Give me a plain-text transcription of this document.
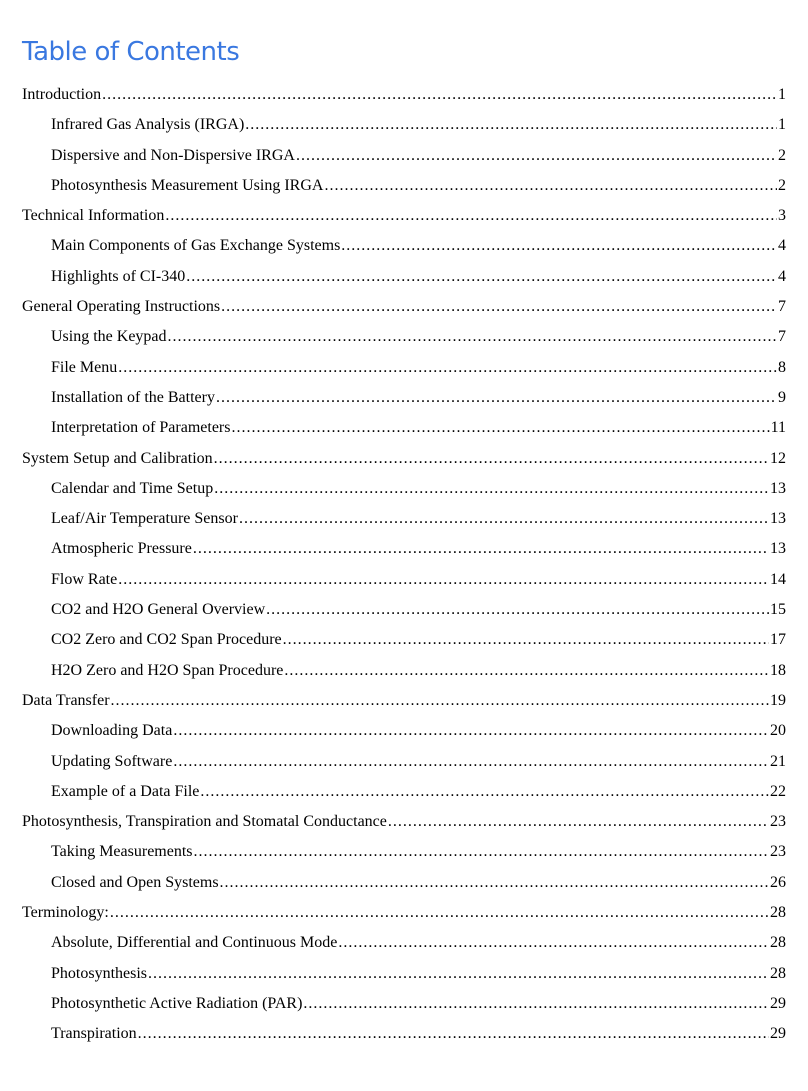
Table of Contents
Introduction .....	1
Infrared Gas Analysis (IRGA) .....	1
Dispersive and Non-Dispersive IRGA .....	2
Photosynthesis Measurement Using IRGA .....	2
Technical Information .....	3
Main Components of Gas Exchange Systems .....	4
Highlights of CI-340 .....	4
General Operating Instructions .....	7
Using the Keypad .....	7
File Menu .....	8
Installation of the Battery .....	9
Interpretation of Parameters .....	11
System Setup and Calibration .....	12
Calendar and Time Setup .....	13
Leaf/Air Temperature Sensor .....	13
Atmospheric Pressure .....	13
Flow Rate .....	14
CO2 and H2O General Overview .....	15
CO2 Zero and CO2 Span Procedure .....	17
H2O Zero and H2O Span Procedure .....	18
Data Transfer .....	19
Downloading Data .....	20
Updating Software .....	21
Example of a Data File .....	22
Photosynthesis, Transpiration and Stomatal Conductance .....	23
Taking Measurements .....	23
Closed and Open Systems .....	26
Terminology: .....	28
Absolute, Differential and Continuous Mode .....	28
Photosynthesis .....	28
Photosynthetic Active Radiation (PAR) .....	29
Transpiration .....	29
